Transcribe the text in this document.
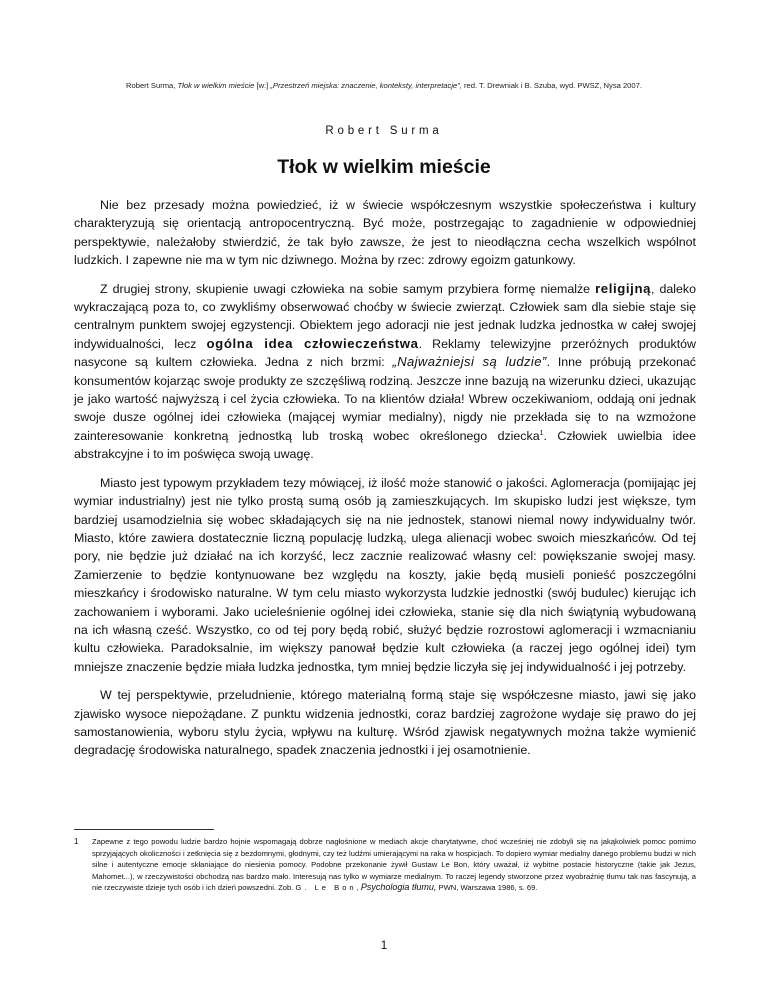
Robert Surma, Tłok w wielkim mieście [w:] „Przestrzeń miejska: znaczenie, konteksty, interpretacje”, red. T. Drewniak i B. Szuba, wyd. PWSZ, Nysa 2007.
Robert Surma
Tłok w wielkim mieście

Nie bez przesady można powiedzieć, iż w świecie współczesnym wszystkie społeczeństwa i kultury charakteryzują się orientacją antropocentryczną. Być może, postrzegając to zagadnienie w odpowiedniej perspektywie, należałoby stwierdzić, że tak było zawsze, że jest to nieodłączna cecha wszelkich wspólnot ludzkich. I zapewne nie ma w tym nic dziwnego. Można by rzec: zdrowy egoizm gatunkowy.

Z drugiej strony, skupienie uwagi człowieka na sobie samym przybiera formę niemalże religijną, daleko wykraczającą poza to, co zwykliśmy obserwować choćby w świecie zwierząt. Człowiek sam dla siebie staje się centralnym punktem swojej egzystencji. Obiektem jego adoracji nie jest jednak ludzka jednostka w całej swojej indywidualności, lecz ogólna idea człowieczeństwa. Reklamy telewizyjne przeróżnych produktów nasycone są kultem człowieka. Jedna z nich brzmi: „Najważniejsi są ludzie”. Inne próbują przekonać konsumentów kojarząc swoje produkty ze szczęśliwą rodziną. Jeszcze inne bazują na wizerunku dzieci, ukazując je jako wartość najwyższą i cel życia człowieka. To na klientów działa! Wbrew oczekiwaniom, oddają oni jednak swoje dusze ogólnej idei człowieka (mającej wymiar medialny), nigdy nie przekłada się to na wzmożone zainteresowanie konkretną jednostką lub troską wobec określonego dziecka$^1$. Człowiek uwielbia idee abstrakcyjne i to im poświęca swoją uwagę.

Miasto jest typowym przykładem tezy mówiącej, iż ilość może stanowić o jakości. Aglomeracja (pomijając jej wymiar industrialny) jest nie tylko prostą sumą osób ją zamieszkujących. Im skupisko ludzi jest większe, tym bardziej usamodzielnia się wobec składających się na nie jednostek, stanowi niemal nowy indywidualny twór. Miasto, które zawiera dostatecznie liczną populację ludzką, ulega alienacji wobec swoich mieszkańców. Od tej pory, nie będzie już działać na ich korzyść, lecz zacznie realizować własny cel: powiększanie swojej masy. Zamierzenie to będzie kontynuowane bez względu na koszty, jakie będą musieli ponieść poszczególni mieszkańcy i środowisko naturalne. W tym celu miasto wykorzysta ludzkie jednostki (swój budulec) kierując ich zachowaniem i wyborami. Jako ucieleśnienie ogólnej idei człowieka, stanie się dla nich świątynią wybudowaną na ich własną cześć. Wszystko, co od tej pory będą robić, służyć będzie rozrostowi aglomeracji i wzmacnianiu kultu człowieka. Paradoksalnie, im większy panował będzie kult człowieka (a raczej jego ogólnej idei) tym mniejsze znaczenie będzie miała ludzka jednostka, tym mniej będzie liczyła się jej indywidualność i jej potrzeby.

W tej perspektywie, przeludnienie, którego materialną formą staje się współczesne miasto, jawi się jako zjawisko wysoce niepożądane. Z punktu widzenia jednostki, coraz bardziej zagrożone wydaje się prawo do jej samostanowienia, wyboru stylu życia, wpływu na kulturę. Wśród zjawisk negatywnych można także wymienić degradację środowiska naturalnego, spadek znaczenia jednostki i jej osamotnienie.

1	Zapewne z tego powodu ludzie bardzo hojnie wspomagają dobrze nagłośnione w mediach akcje charytatywne, choć wcześniej nie zdobyli się na jakąkolwiek pomoc pomimo sprzyjających okoliczności i zetknięcia się z bezdomnymi, głodnymi, czy też ludźmi umierającymi na raka w hospicjach. To dopiero wymiar medialny danego problemu budzi w nich silne i autentyczne emocje skłaniające do niesienia pomocy. Podobne przekonanie żywił Gustaw Le Bon, który uważał, iż wybitne postacie historyczne (takie jak Jezus, Mahomet...), w rzeczywistości obchodzą nas bardzo mało. Interesują nas tylko w wymiarze medialnym. To raczej legendy stworzone przez wyobraźnię tłumu tak nas fascynują, a nie rzeczywiste dzieje tych osób i ich dzień powszedni. Zob. G. Le Bon, Psychologia tłumu, PWN, Warszawa 1986, s. 69.
1
